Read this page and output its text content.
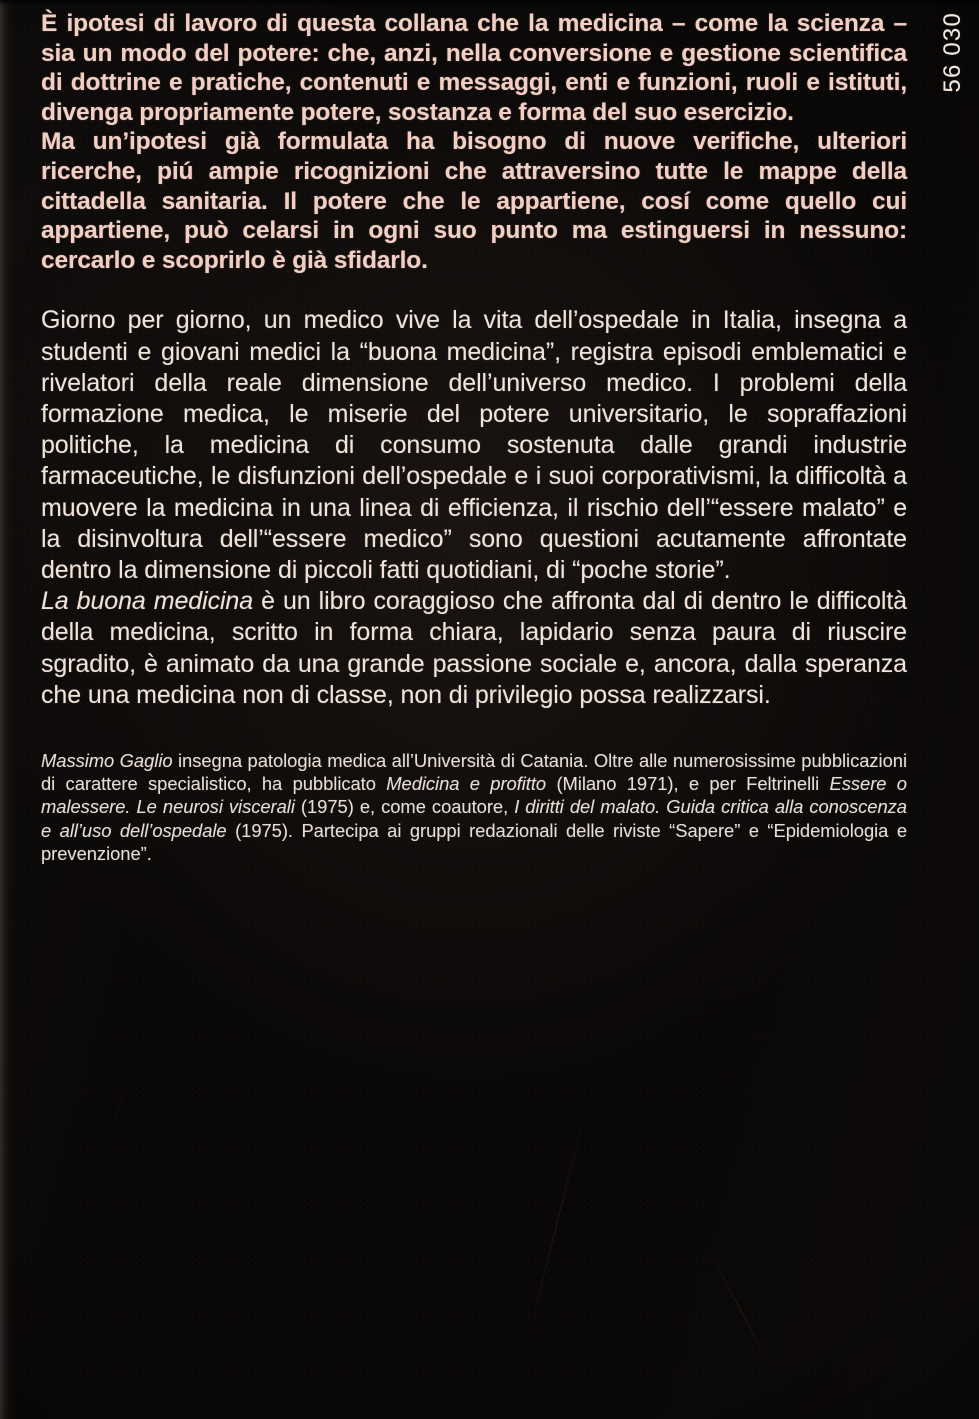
56 030
È ipotesi di lavoro di questa collana che la medicina – come la scienza – sia un modo del potere: che, anzi, nella conversione e gestione scientifica di dottrine e pratiche, contenuti e messaggi, enti e funzioni, ruoli e istituti, divenga propriamente potere, sostanza e forma del suo esercizio.
Ma un’ipotesi già formulata ha bisogno di nuove verifiche, ulteriori ricerche, piú ampie ricognizioni che attraversino tutte le mappe della cittadella sanitaria. Il potere che le appartiene, cosí come quello cui appartiene, può celarsi in ogni suo punto ma estinguersi in nessuno: cercarlo e scoprirlo è già sfidarlo.
Giorno per giorno, un medico vive la vita dell’ospedale in Italia, insegna a studenti e giovani medici la “buona medicina”, registra episodi emblematici e rivelatori della reale dimensione dell’universo medico. I problemi della formazione medica, le miserie del potere universitario, le sopraffazioni politiche, la medicina di consumo sostenuta dalle grandi industrie farmaceutiche, le disfunzioni dell’ospedale e i suoi corporativismi, la difficoltà a muovere la medicina in una linea di efficienza, il rischio dell’“essere malato” e la disinvoltura dell’“essere medico” sono questioni acutamente affrontate dentro la dimensione di piccoli fatti quotidiani, di “poche storie”.
La buona medicina è un libro coraggioso che affronta dal di dentro le difficoltà della medicina, scritto in forma chiara, lapidario senza paura di riuscire sgradito, è animato da una grande passione sociale e, ancora, dalla speranza che una medicina non di classe, non di privilegio possa realizzarsi.
Massimo Gaglio insegna patologia medica all’Università di Catania. Oltre alle numerosissime pubblicazioni di carattere specialistico, ha pubblicato Medicina e profitto (Milano 1971), e per Feltrinelli Essere o malessere. Le neurosi viscerali (1975) e, come coautore, I diritti del malato. Guida critica alla conoscenza e all’uso dell’ospedale (1975). Partecipa ai gruppi redazionali delle riviste “Sapere” e “Epidemiologia e prevenzione”.
